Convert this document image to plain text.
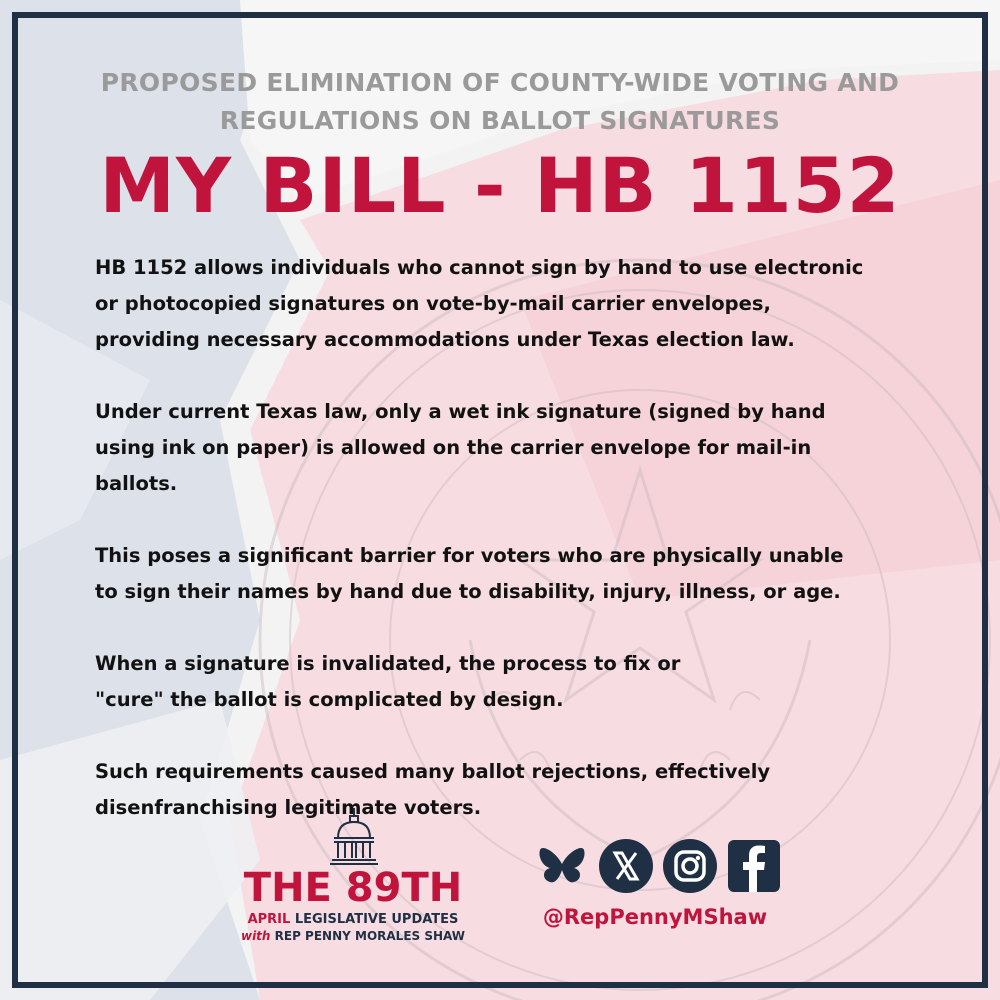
PROPOSED ELIMINATION OF COUNTY-WIDE VOTING AND
REGULATIONS ON BALLOT SIGNATURES
MY BILL - HB 1152

HB 1152 allows individuals who cannot sign by hand to use electronic
or photocopied signatures on vote-by-mail carrier envelopes,
providing necessary accommodations under Texas election law.

Under current Texas law, only a wet ink signature (signed by hand
using ink on paper) is allowed on the carrier envelope for mail-in
ballots.

This poses a significant barrier for voters who are physically unable
to sign their names by hand due to disability, injury, illness, or age.

When a signature is invalidated, the process to fix or
"cure" the ballot is complicated by design.

Such requirements caused many ballot rejections, effectively
disenfranchising legitimate voters.

THE 89TH
APRIL LEGISLATIVE UPDATES
with REP PENNY MORALES SHAW
@RepPennyMShaw
